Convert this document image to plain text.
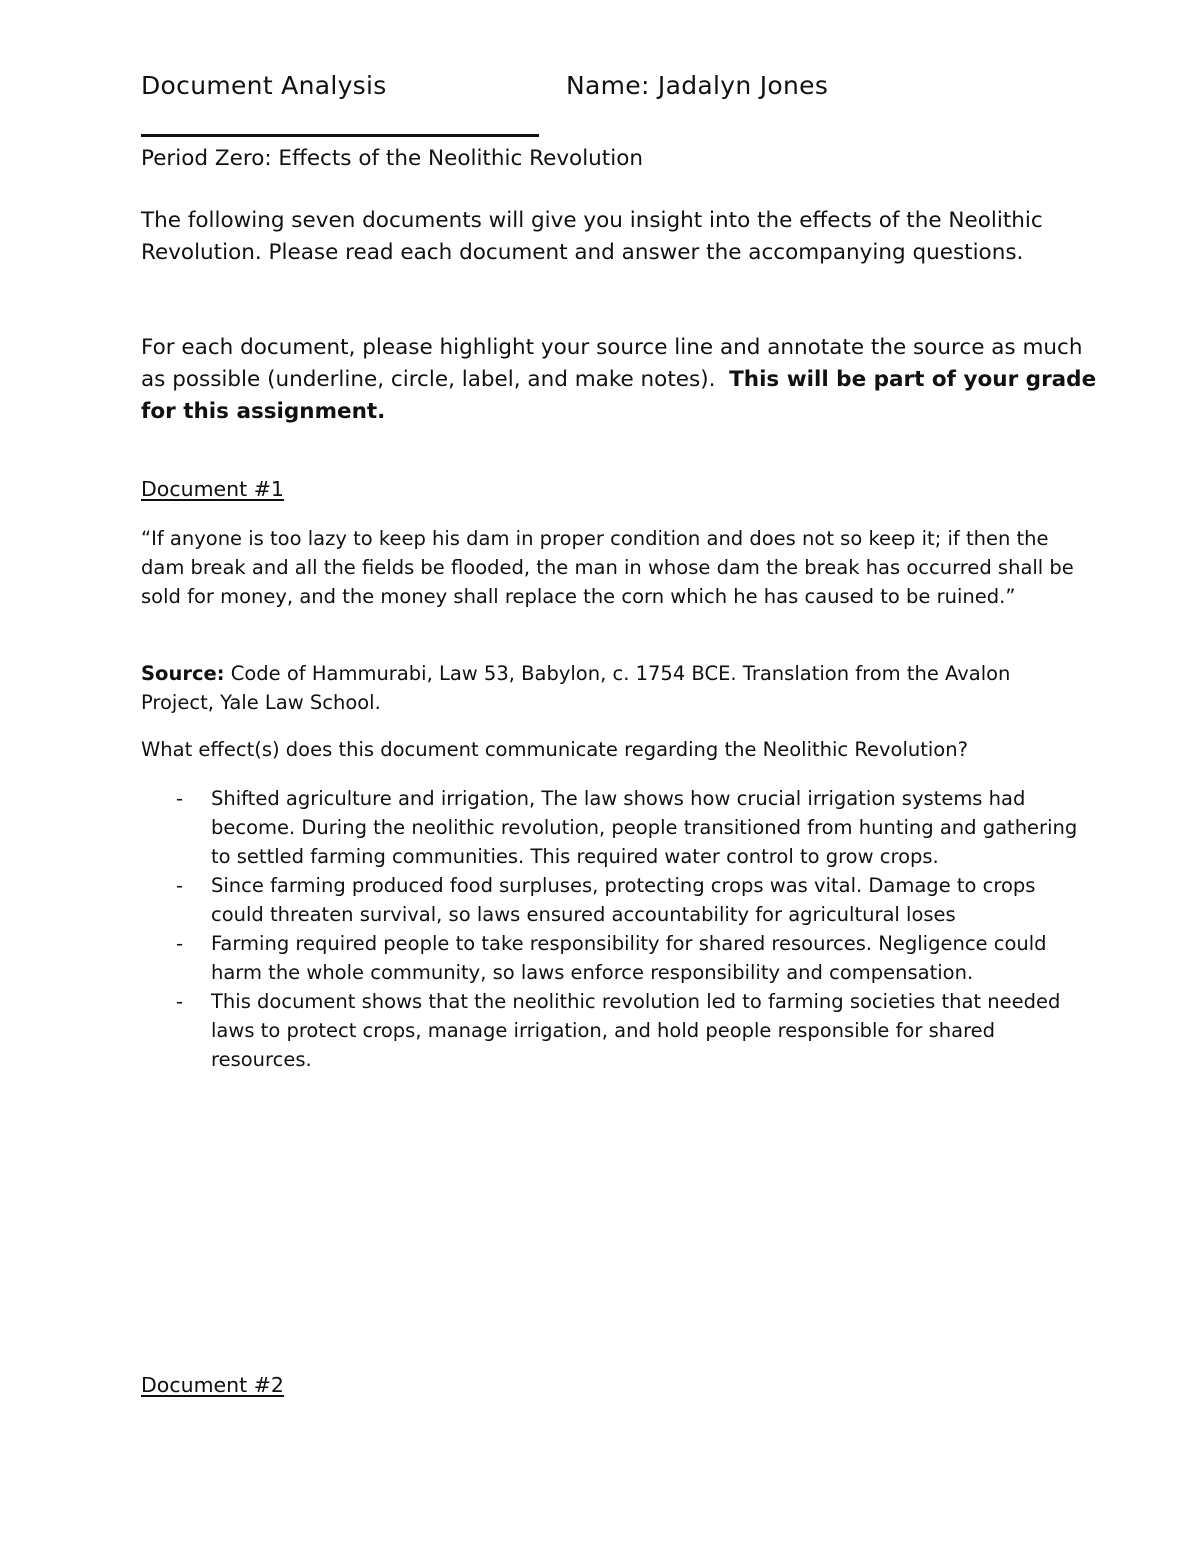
Document Analysis	Name: Jadalyn Jones
Period Zero: Effects of the Neolithic Revolution
The following seven documents will give you insight into the effects of the Neolithic Revolution. Please read each document and answer the accompanying questions.
For each document, please highlight your source line and annotate the source as much as possible (underline, circle, label, and make notes). This will be part of your grade for this assignment.
Document #1
“If anyone is too lazy to keep his dam in proper condition and does not so keep it; if then the dam break and all the fields be flooded, the man in whose dam the break has occurred shall be sold for money, and the money shall replace the corn which he has caused to be ruined.”
Source: Code of Hammurabi, Law 53, Babylon, c. 1754 BCE. Translation from the Avalon Project, Yale Law School.
What effect(s) does this document communicate regarding the Neolithic Revolution?
- Shifted agriculture and irrigation, The law shows how crucial irrigation systems had become. During the neolithic revolution, people transitioned from hunting and gathering to settled farming communities. This required water control to grow crops.
- Since farming produced food surpluses, protecting crops was vital. Damage to crops could threaten survival, so laws ensured accountability for agricultural loses
- Farming required people to take responsibility for shared resources. Negligence could harm the whole community, so laws enforce responsibility and compensation.
- This document shows that the neolithic revolution led to farming societies that needed laws to protect crops, manage irrigation, and hold people responsible for shared resources.
Document #2
